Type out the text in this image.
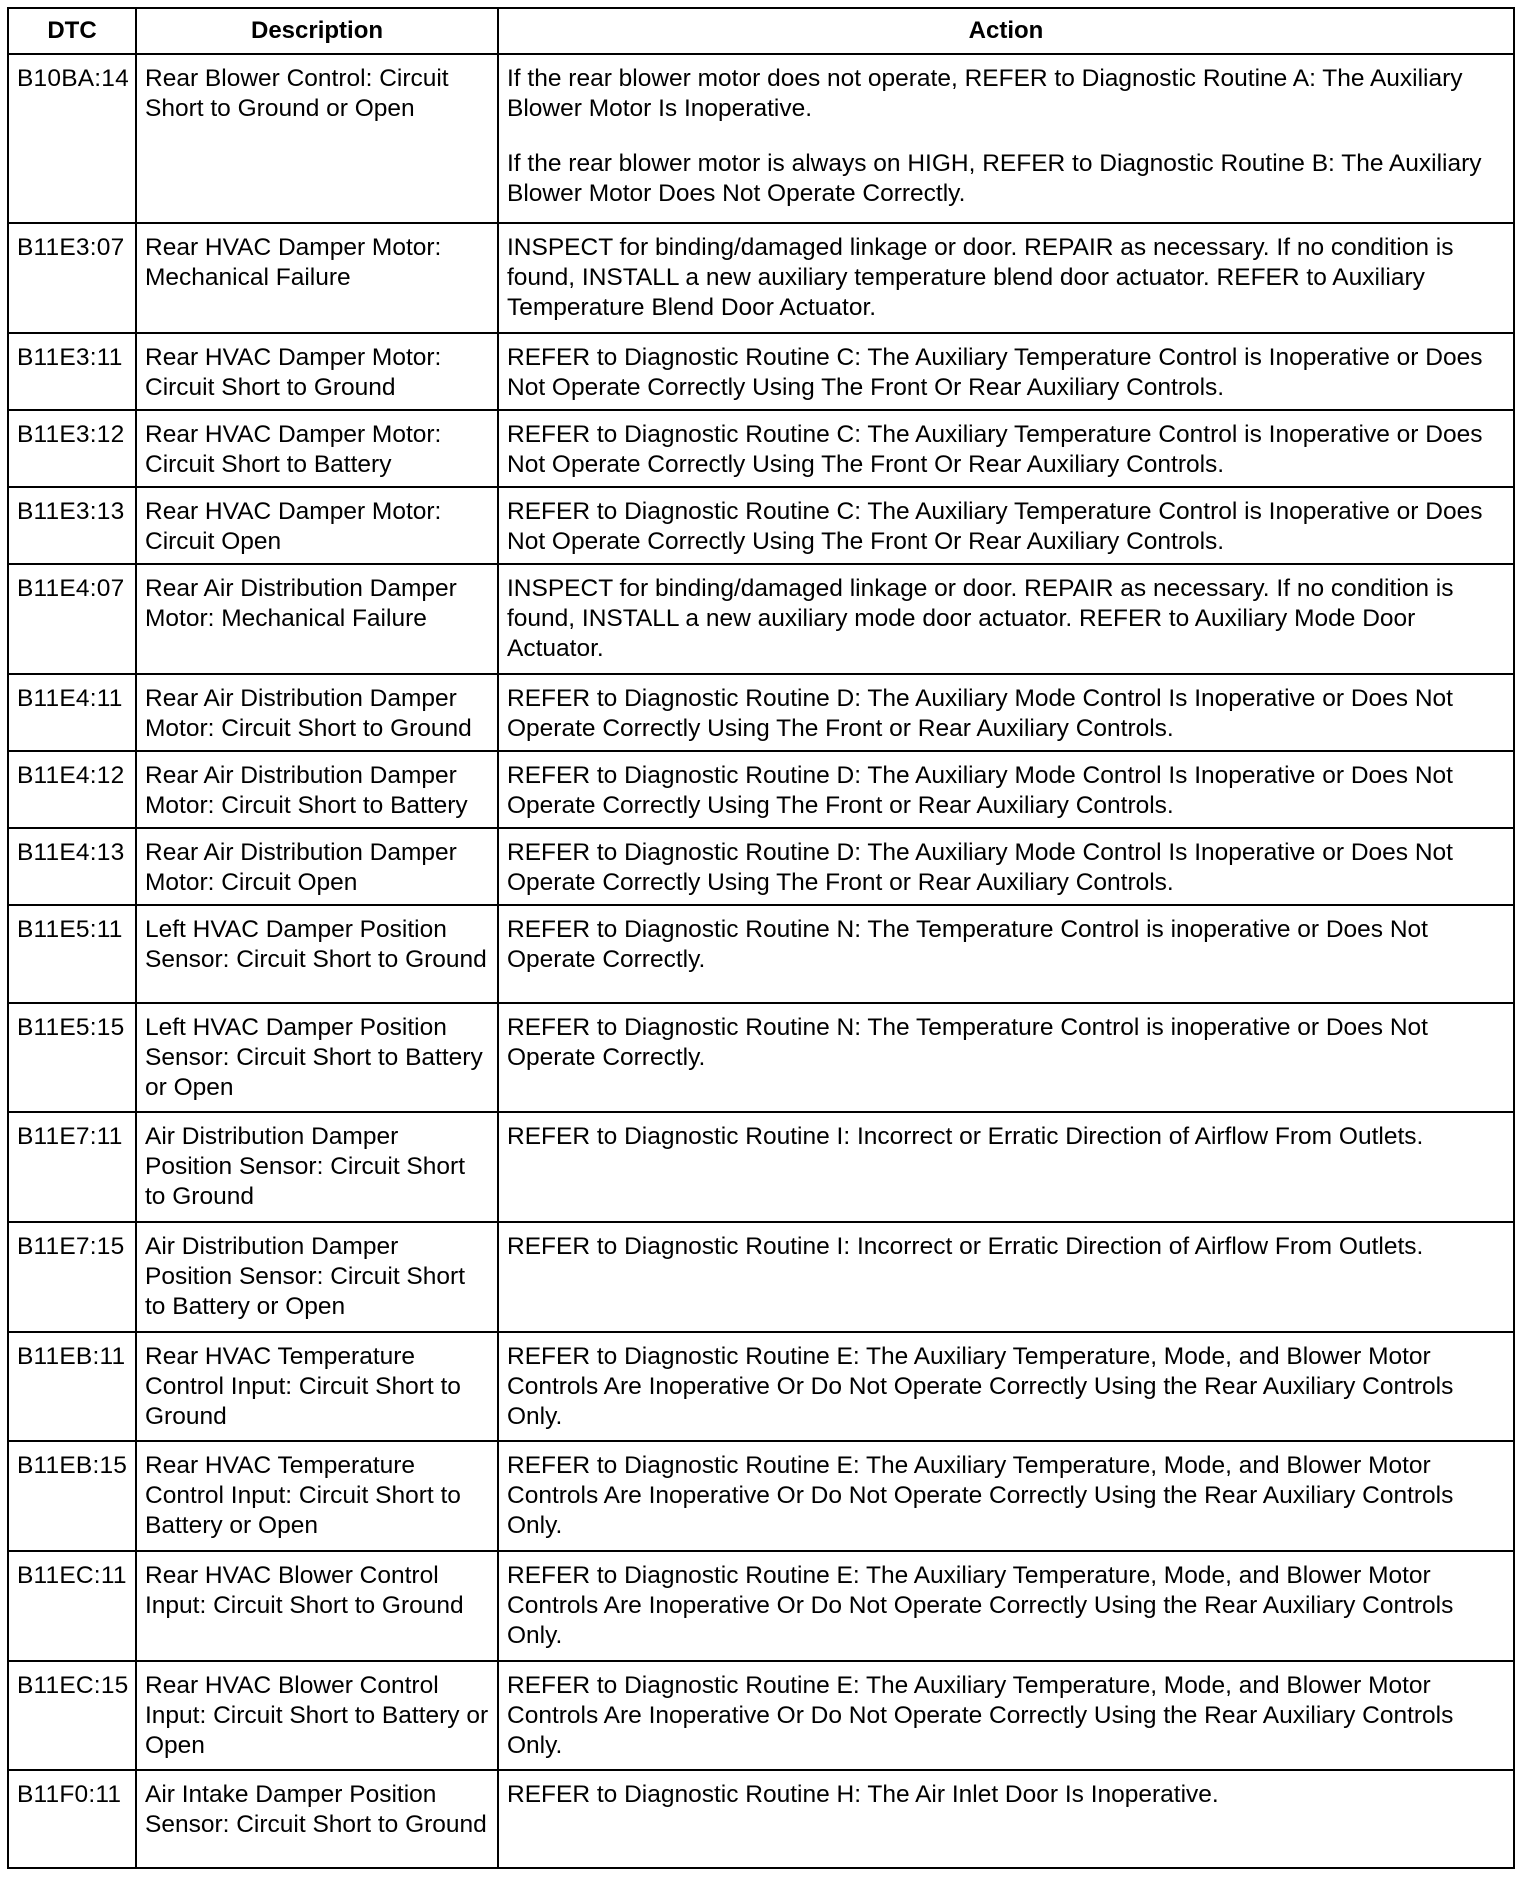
DTC	Description	Action
B10BA:14	Rear Blower Control: Circuit Short to Ground or Open	If the rear blower motor does not operate, REFER to Diagnostic Routine A: The Auxiliary Blower Motor Is Inoperative.

If the rear blower motor is always on HIGH, REFER to Diagnostic Routine B: The Auxiliary Blower Motor Does Not Operate Correctly.

B11E3:07	Rear HVAC Damper Motor: Mechanical Failure	INSPECT for binding/damaged linkage or door. REPAIR as necessary. If no condition is found, INSTALL a new auxiliary temperature blend door actuator. REFER to Auxiliary Temperature Blend Door Actuator.

B11E3:11	Rear HVAC Damper Motor: Circuit Short to Ground	REFER to Diagnostic Routine C: The Auxiliary Temperature Control is Inoperative or Does Not Operate Correctly Using The Front Or Rear Auxiliary Controls.

B11E3:12	Rear HVAC Damper Motor: Circuit Short to Battery	REFER to Diagnostic Routine C: The Auxiliary Temperature Control is Inoperative or Does Not Operate Correctly Using The Front Or Rear Auxiliary Controls.

B11E3:13	Rear HVAC Damper Motor: Circuit Open	REFER to Diagnostic Routine C: The Auxiliary Temperature Control is Inoperative or Does Not Operate Correctly Using The Front Or Rear Auxiliary Controls.

B11E4:07	Rear Air Distribution Damper Motor: Mechanical Failure	INSPECT for binding/damaged linkage or door. REPAIR as necessary. If no condition is found, INSTALL a new auxiliary mode door actuator. REFER to Auxiliary Mode Door Actuator.

B11E4:11	Rear Air Distribution Damper Motor: Circuit Short to Ground	REFER to Diagnostic Routine D: The Auxiliary Mode Control Is Inoperative or Does Not Operate Correctly Using The Front or Rear Auxiliary Controls.

B11E4:12	Rear Air Distribution Damper Motor: Circuit Short to Battery	REFER to Diagnostic Routine D: The Auxiliary Mode Control Is Inoperative or Does Not Operate Correctly Using The Front or Rear Auxiliary Controls.

B11E4:13	Rear Air Distribution Damper Motor: Circuit Open	REFER to Diagnostic Routine D: The Auxiliary Mode Control Is Inoperative or Does Not Operate Correctly Using The Front or Rear Auxiliary Controls.

B11E5:11	Left HVAC Damper Position Sensor: Circuit Short to Ground	REFER to Diagnostic Routine N: The Temperature Control is inoperative or Does Not Operate Correctly.

B11E5:15	Left HVAC Damper Position Sensor: Circuit Short to Battery or Open	REFER to Diagnostic Routine N: The Temperature Control is inoperative or Does Not Operate Correctly.

B11E7:11	Air Distribution Damper Position Sensor: Circuit Short to Ground	REFER to Diagnostic Routine I: Incorrect or Erratic Direction of Airflow From Outlets.

B11E7:15	Air Distribution Damper Position Sensor: Circuit Short to Battery or Open	REFER to Diagnostic Routine I: Incorrect or Erratic Direction of Airflow From Outlets.

B11EB:11	Rear HVAC Temperature Control Input: Circuit Short to Ground	REFER to Diagnostic Routine E: The Auxiliary Temperature, Mode, and Blower Motor Controls Are Inoperative Or Do Not Operate Correctly Using the Rear Auxiliary Controls Only.

B11EB:15	Rear HVAC Temperature Control Input: Circuit Short to Battery or Open	REFER to Diagnostic Routine E: The Auxiliary Temperature, Mode, and Blower Motor Controls Are Inoperative Or Do Not Operate Correctly Using the Rear Auxiliary Controls Only.

B11EC:11	Rear HVAC Blower Control Input: Circuit Short to Ground	REFER to Diagnostic Routine E: The Auxiliary Temperature, Mode, and Blower Motor Controls Are Inoperative Or Do Not Operate Correctly Using the Rear Auxiliary Controls Only.

B11EC:15	Rear HVAC Blower Control Input: Circuit Short to Battery or Open	REFER to Diagnostic Routine E: The Auxiliary Temperature, Mode, and Blower Motor Controls Are Inoperative Or Do Not Operate Correctly Using the Rear Auxiliary Controls Only.

B11F0:11	Air Intake Damper Position Sensor: Circuit Short to Ground	REFER to Diagnostic Routine H: The Air Inlet Door Is Inoperative.
